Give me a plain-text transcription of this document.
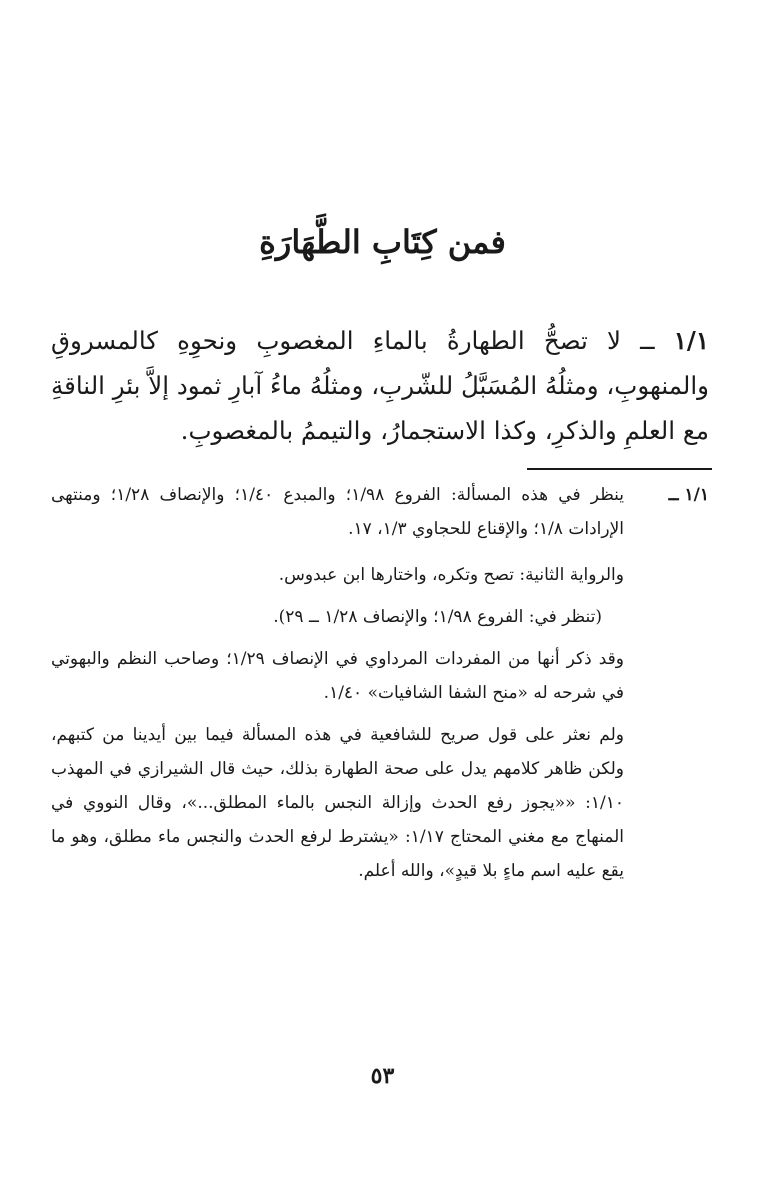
فمن كِتَابِ الطَّهَارَةِ

١/١ ــ لا تصحُّ الطهارةُ بالماءِ المغصوبِ ونحوِهِ كالمسروقِ والمنهوبِ، ومثلُهُ المُسَبَّلُ للشّربِ، ومثلُهُ ماءُ آبارِ ثمود إلاَّ بئرِ الناقةِ مع العلمِ والذكرِ، وكذا الاستجمارُ، والتيممُ بالمغصوبِ.

١/١ ــ

ينظر في هذه المسألة: الفروع ١/٩٨؛ والمبدع ١/٤٠؛ والإنصاف ١/٢٨؛ ومنتهى الإرادات ١/٨؛ والإقناع للحجاوي ١/٣، ١٧.

والرواية الثانية: تصح وتكره، واختارها ابن عبدوس.

(تنظر في: الفروع ١/٩٨؛ والإنصاف ١/٢٨ ــ ٢٩).

وقد ذكر أنها من المفردات المرداوي في الإنصاف ١/٢٩؛ وصاحب النظم والبهوتي في شرحه له «منح الشفا الشافيات» ١/٤٠.

ولم نعثر على قول صريح للشافعية في هذه المسألة فيما بين أيدينا من كتبهم، ولكن ظاهر كلامهم يدل على صحة الطهارة بذلك، حيث قال الشيرازي في المهذب ١/١٠: ««يجوز رفع الحدث وإزالة النجس بالماء المطلق...»، وقال النووي في المنهاج مع مغني المحتاج ١/١٧: «يشترط لرفع الحدث والنجس ماء مطلق، وهو ما يقع عليه اسم ماءٍ بلا قيدٍ»، والله أعلم.

٥٣
